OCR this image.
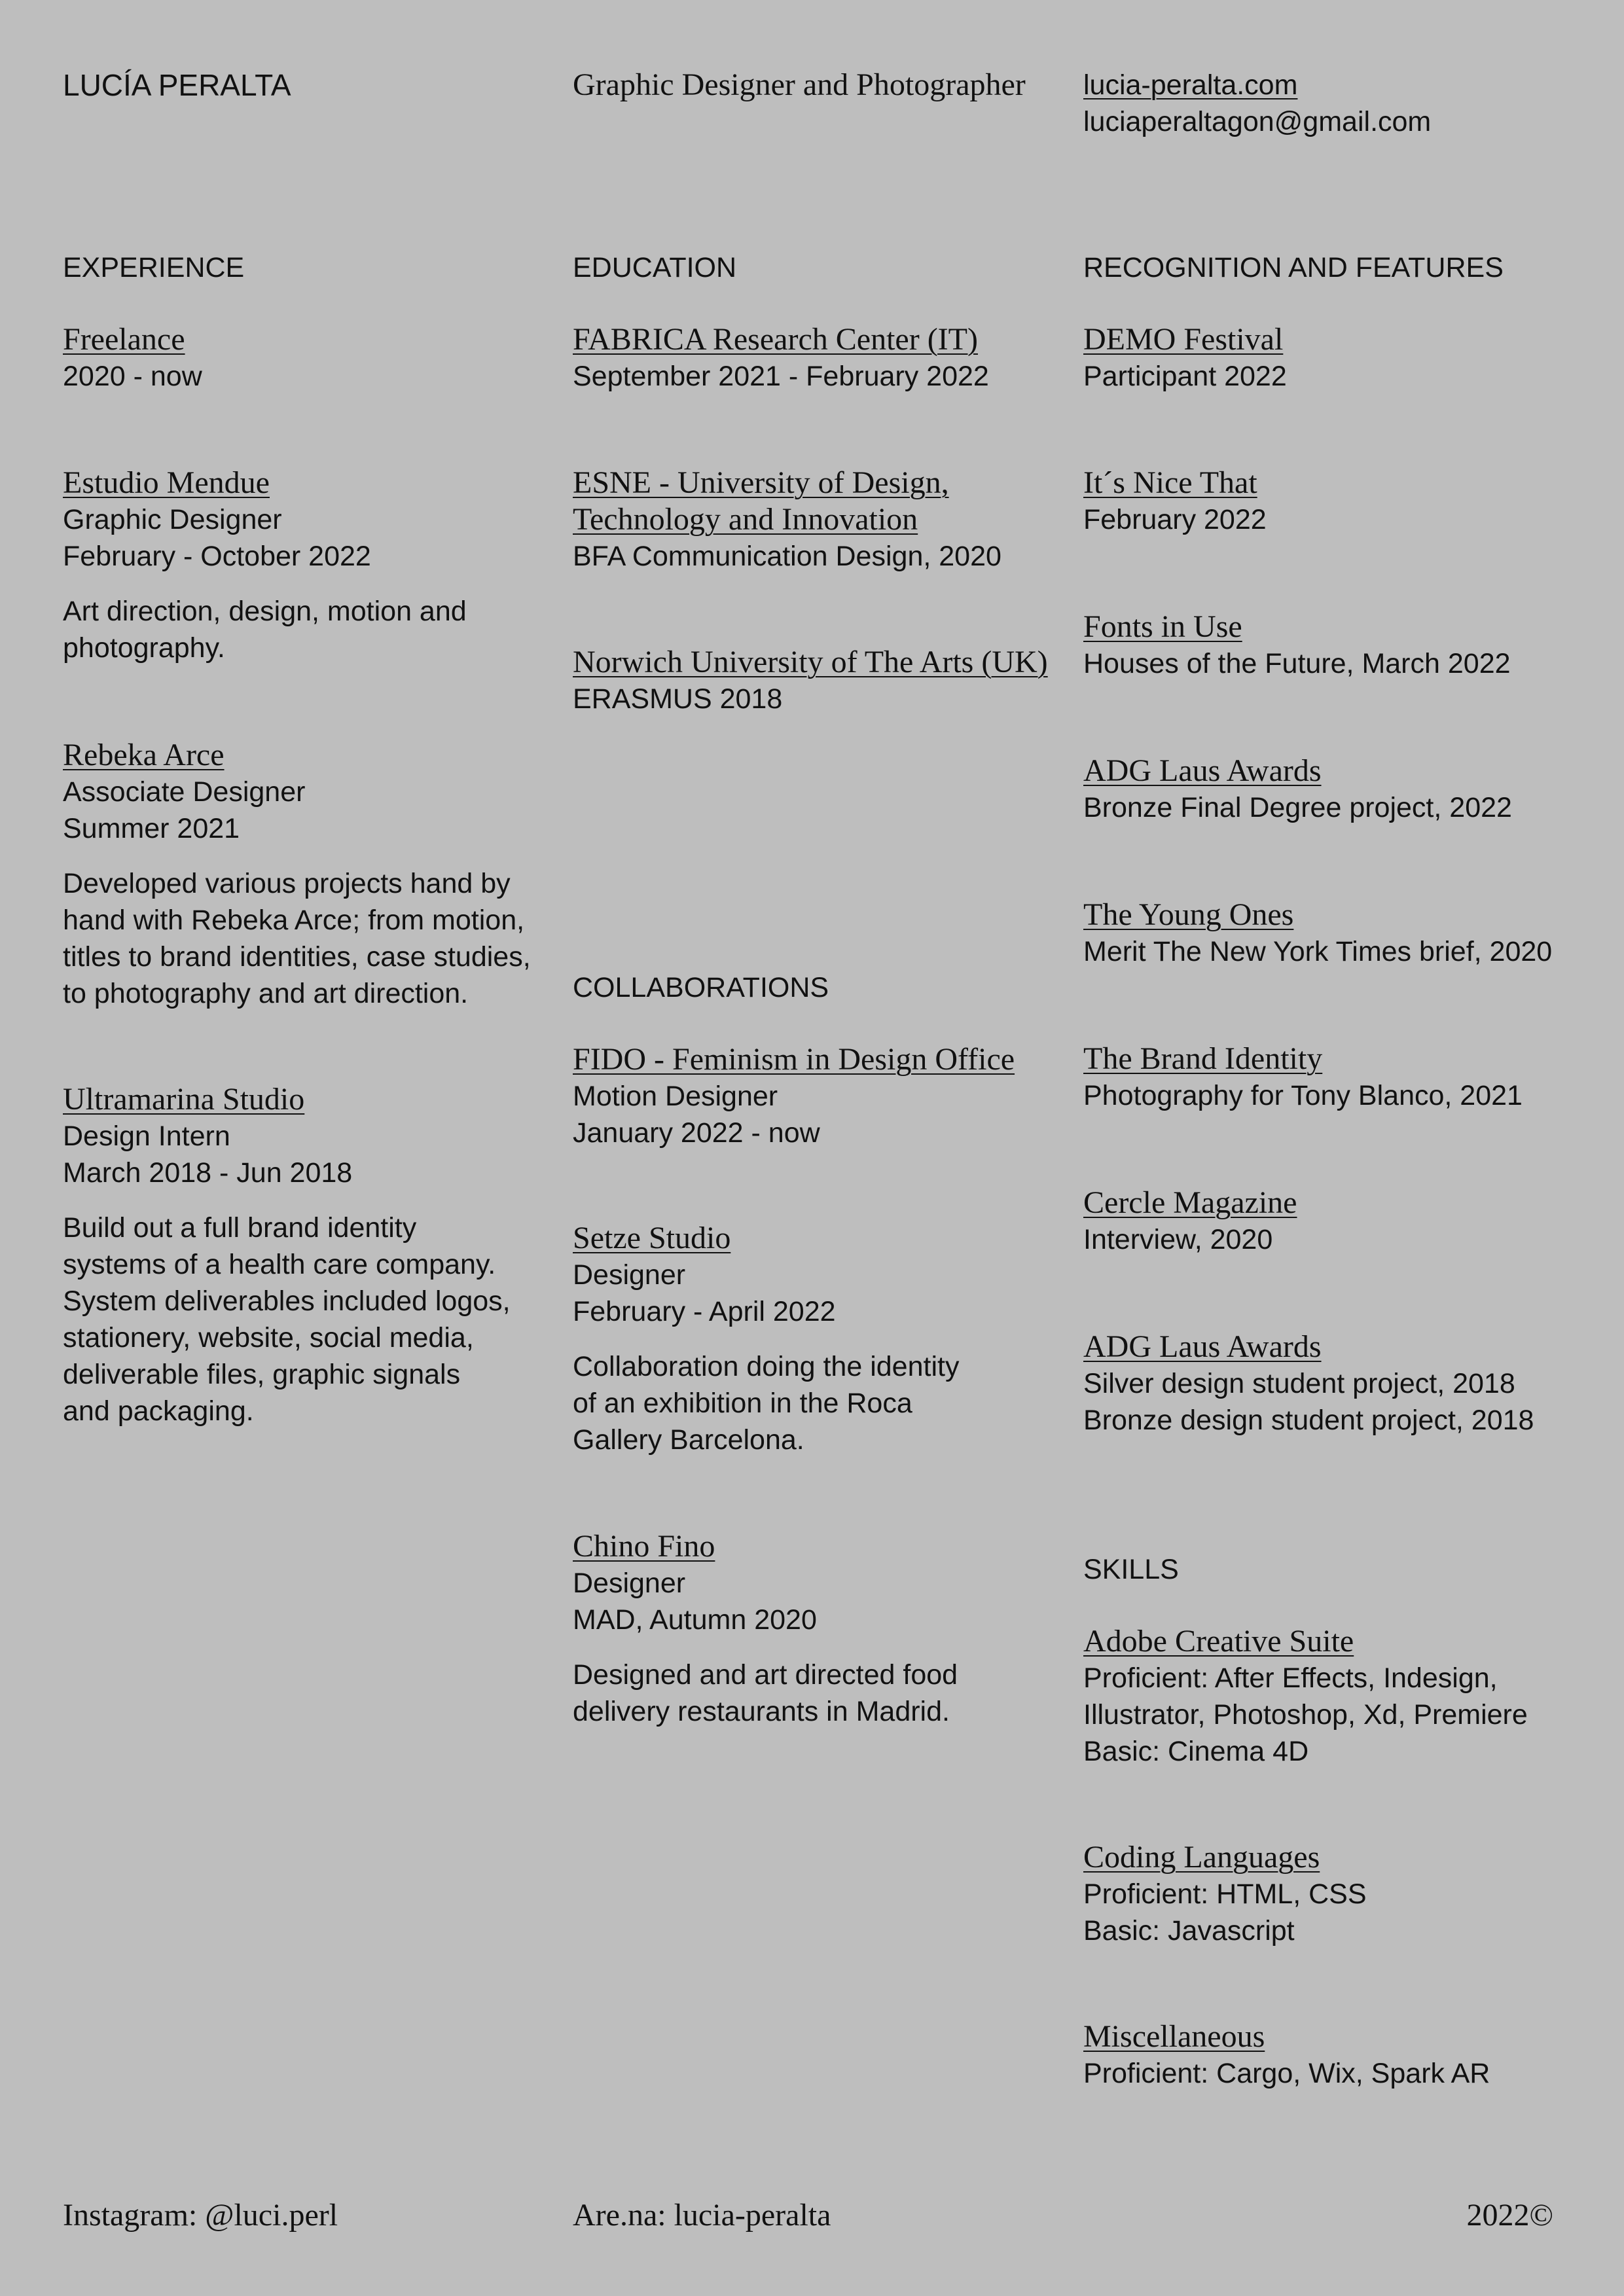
LUCÍA PERALTA	Graphic Designer and Photographer	lucia-peralta.com
luciaperaltagon@gmail.com
EXPERIENCE
Freelance
2020 - now
Estudio Mendue
Graphic Designer
February - October 2022
Art direction, design, motion and
photography.
Rebeka Arce
Associate Designer
Summer 2021
Developed various projects hand by
hand with Rebeka Arce; from motion,
titles to brand identities, case studies,
to photography and art direction.
Ultramarina Studio
Design Intern
March 2018 - Jun 2018
Build out a full brand identity
systems of a health care company.
System deliverables included logos,
stationery, website, social media,
deliverable files, graphic signals
and packaging.
EDUCATION
FABRICA Research Center (IT)
September 2021 - February 2022
ESNE - University of Design,
Technology and Innovation
BFA Communication Design, 2020
Norwich University of The Arts (UK)
ERASMUS 2018
COLLABORATIONS
FIDO - Feminism in Design Office
Motion Designer
January 2022 - now
Setze Studio
Designer
February - April 2022
Collaboration doing the identity
of an exhibition in the Roca
Gallery Barcelona.
Chino Fino
Designer
MAD, Autumn 2020
Designed and art directed food
delivery restaurants in Madrid.
RECOGNITION AND FEATURES
DEMO Festival
Participant 2022
It´s Nice That
February 2022
Fonts in Use
Houses of the Future, March 2022
ADG Laus Awards
Bronze Final Degree project, 2022
The Young Ones
Merit The New York Times brief, 2020
The Brand Identity
Photography for Tony Blanco, 2021
Cercle Magazine
Interview, 2020
ADG Laus Awards
Silver design student project, 2018
Bronze design student project, 2018
SKILLS
Adobe Creative Suite
Proficient: After Effects, Indesign,
Illustrator, Photoshop, Xd, Premiere
Basic: Cinema 4D
Coding Languages
Proficient: HTML, CSS
Basic: Javascript
Miscellaneous
Proficient: Cargo, Wix, Spark AR
Instagram: @luci.perl	Are.na: lucia-peralta	2022©
